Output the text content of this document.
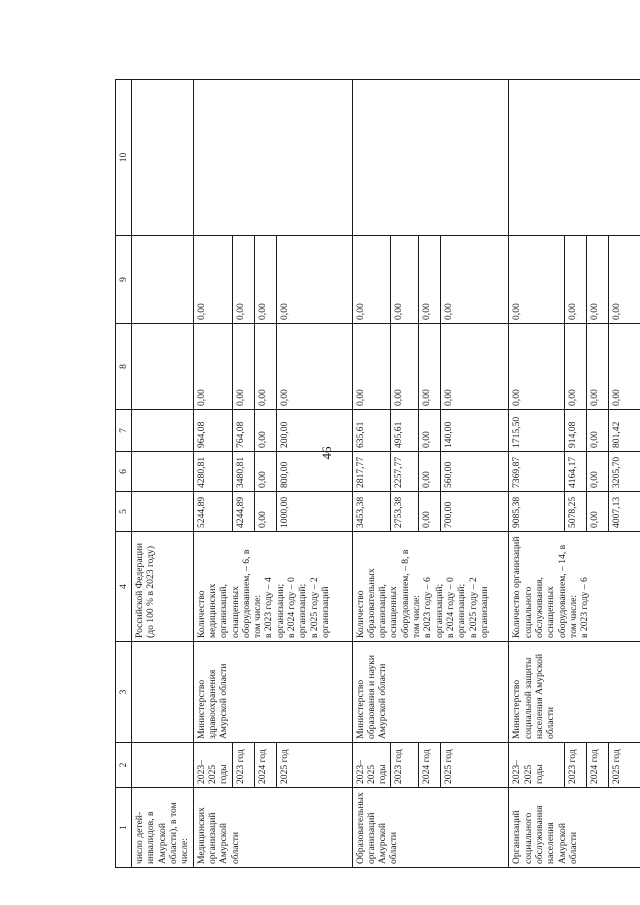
46
1	2	3	4	5	6	7	8	9	10
число детей-инвалидов, в Амурской области), в том числе:			Российской Федерации (до 100 % в 2023 году)						
Медицинских организаций Амурской области	2023–2025 годы	Министерство здравоохранения Амурской области	Количество медицинских организаций, оснащенных оборудованием, – 6, в том числе:
в 2023 году – 4 организации;
в 2024 году – 0 организаций;
в 2025 году – 2 организаций	5244,89	4280,81	964,08	0,00	0,00	
	2023 год			4244,89	3480,81	764,08	0,00	0,00	
	2024 год			0,00	0,00	0,00	0,00	0,00	
	2025 год			1000,00	800,00	200,00	0,00	0,00	
Образовательных организаций Амурской области	2023–2025 годы	Министерство образования и науки Амурской области	Количество образовательных организаций, оснащенных оборудованием, – 8, в том числе:
в 2023 году – 6 организаций;
в 2024 году – 0 организаций;
в 2025 году – 2 организации	3453,38	2817,77	635,61	0,00	0,00	
	2023 год			2753,38	2257,77	495,61	0,00	0,00	
	2024 год			0,00	0,00	0,00	0,00	0,00	
	2025 год			700,00	560,00	140,00	0,00	0,00	
Организаций социального обслуживания населения Амурской области	2023–2025 годы	Министерство социальной защиты населения Амурской области	Количество организаций социального обслуживания, оснащенных оборудованием, – 14, в том числе:
в 2023 году – 6	9085,38	7369,87	1715,50	0,00	0,00	
	2023 год			5078,25	4164,17	914,08	0,00	0,00	
	2024 год			0,00	0,00	0,00	0,00	0,00	
	2025 год			4007,13	3205,70	801,42	0,00	0,00	
